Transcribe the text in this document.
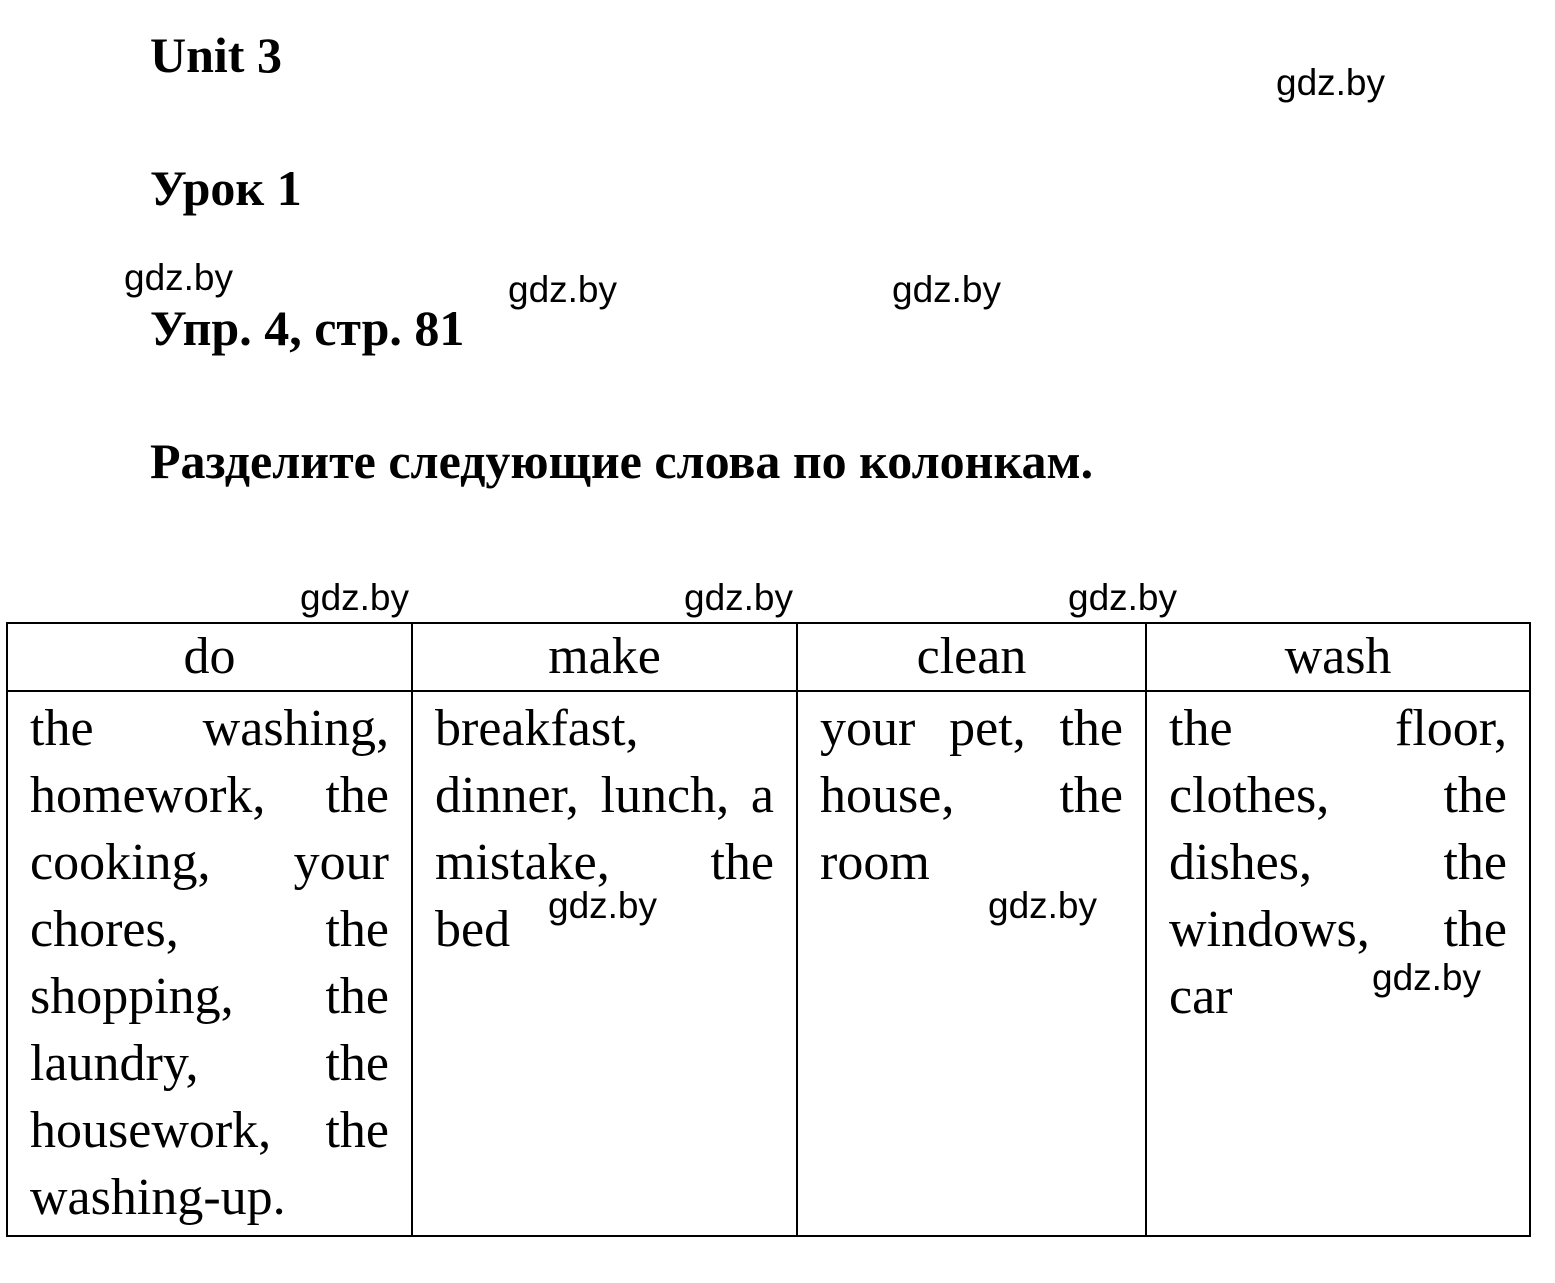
Unit 3
Урок 1
Упр. 4, стр. 81
Разделите следующие слова по колонкам.
do	make	clean	wash
the washing, homework, the cooking, your chores, the shopping, the laundry, the housework, the washing-up.	breakfast, dinner, lunch, a mistake, the bed	your pet, the house, the room	the floor, clothes, the dishes, the windows, the car
gdz.by
gdz.by	gdz.by	gdz.by
gdz.by	gdz.by	gdz.by
gdz.by	gdz.by
gdz.by
